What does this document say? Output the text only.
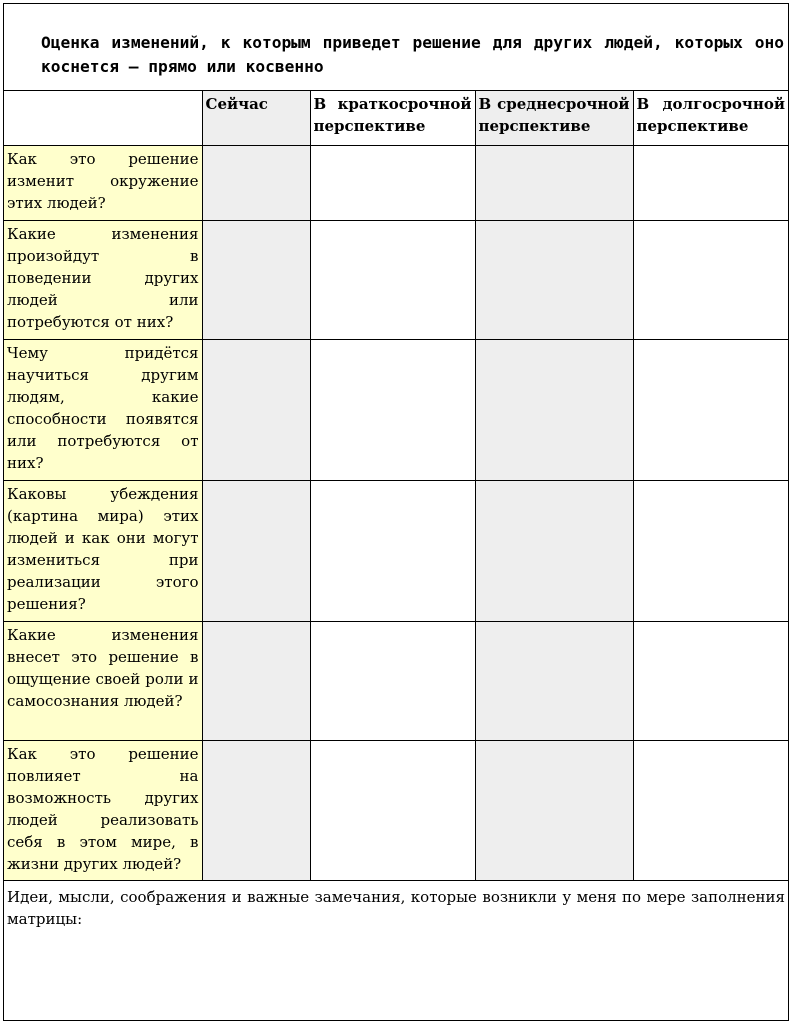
Оценка изменений, к которым приведет решение для других людей, которых оно коснется — прямо или косвенно
	Сейчас	В краткосрочной перспективе	В среднесрочной перспективе	В долгосрочной перспективе
Как это решение изменит окружение этих людей?				
Какие изменения произойдут в поведении других людей или потребуются от них?				
Чему придётся научиться другим людям, какие способности появятся или потребуются от них?				
Каковы убеждения (картина мира) этих людей и как они могут измениться при реализации этого решения?				
Какие изменения внесет это решение в ощущение своей роли и самосознания людей?				
Как это решение повлияет на возможность других людей реализовать себя в этом мире, в жизни других людей?				
Идеи, мысли, соображения и важные замечания, которые возникли у меня по мере заполнения матрицы:
